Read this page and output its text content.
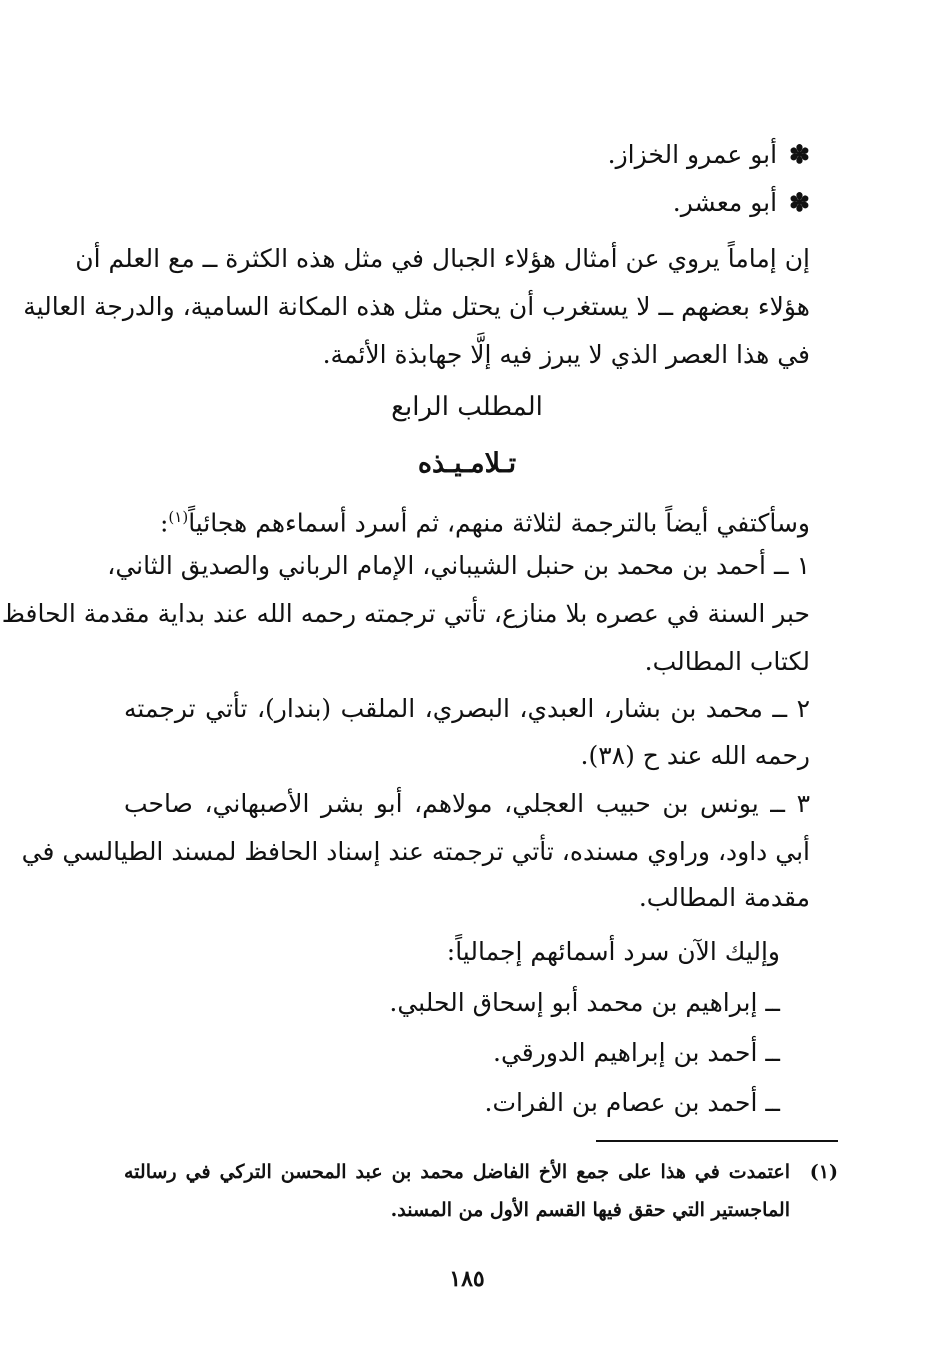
✽أبو عمرو الخزاز.
✽أبو معشر.
إن إماماً يروي عن أمثال هؤلاء الجبال في مثل هذه الكثرة ــ مع العلم أن
هؤلاء بعضهم ــ لا يستغرب أن يحتل مثل هذه المكانة السامية، والدرجة العالية
في هذا العصر الذي لا يبرز فيه إلَّا جهابذة الأئمة.
المطلب الرابع
تـلامـيـذه
وسأكتفي أيضاً بالترجمة لثلاثة منهم، ثم أسرد أسماءهم هجائياً$^{(١)}$:
١ ــ أحمد بن محمد بن حنبل الشيباني، الإمام الرباني والصديق الثاني،
حبر السنة في عصره بلا منازع، تأتي ترجمته رحمه الله عند بداية مقدمة الحافظ
لكتاب المطالب.
٢ ــ محمد بن بشار، العبدي، البصري، الملقب (بندار)، تأتي ترجمته
رحمه الله عند ح (٣٨).
٣ ــ يونس بن حبيب العجلي، مولاهم، أبو بشر الأصبهاني، صاحب
أبي داود، وراوي مسنده، تأتي ترجمته عند إسناد الحافظ لمسند الطيالسي في
مقدمة المطالب.
وإليك الآن سرد أسمائهم إجمالياً:
ــ إبراهيم بن محمد أبو إسحاق الحلبي.
ــ أحمد بن إبراهيم الدورقي.
ــ أحمد بن عصام بن الفرات.
(١)
اعتمدت في هذا على جمع الأخ الفاضل محمد بن عبد المحسن التركي في رسالته
الماجستير التي حقق فيها القسم الأول من المسند.
١٨٥
